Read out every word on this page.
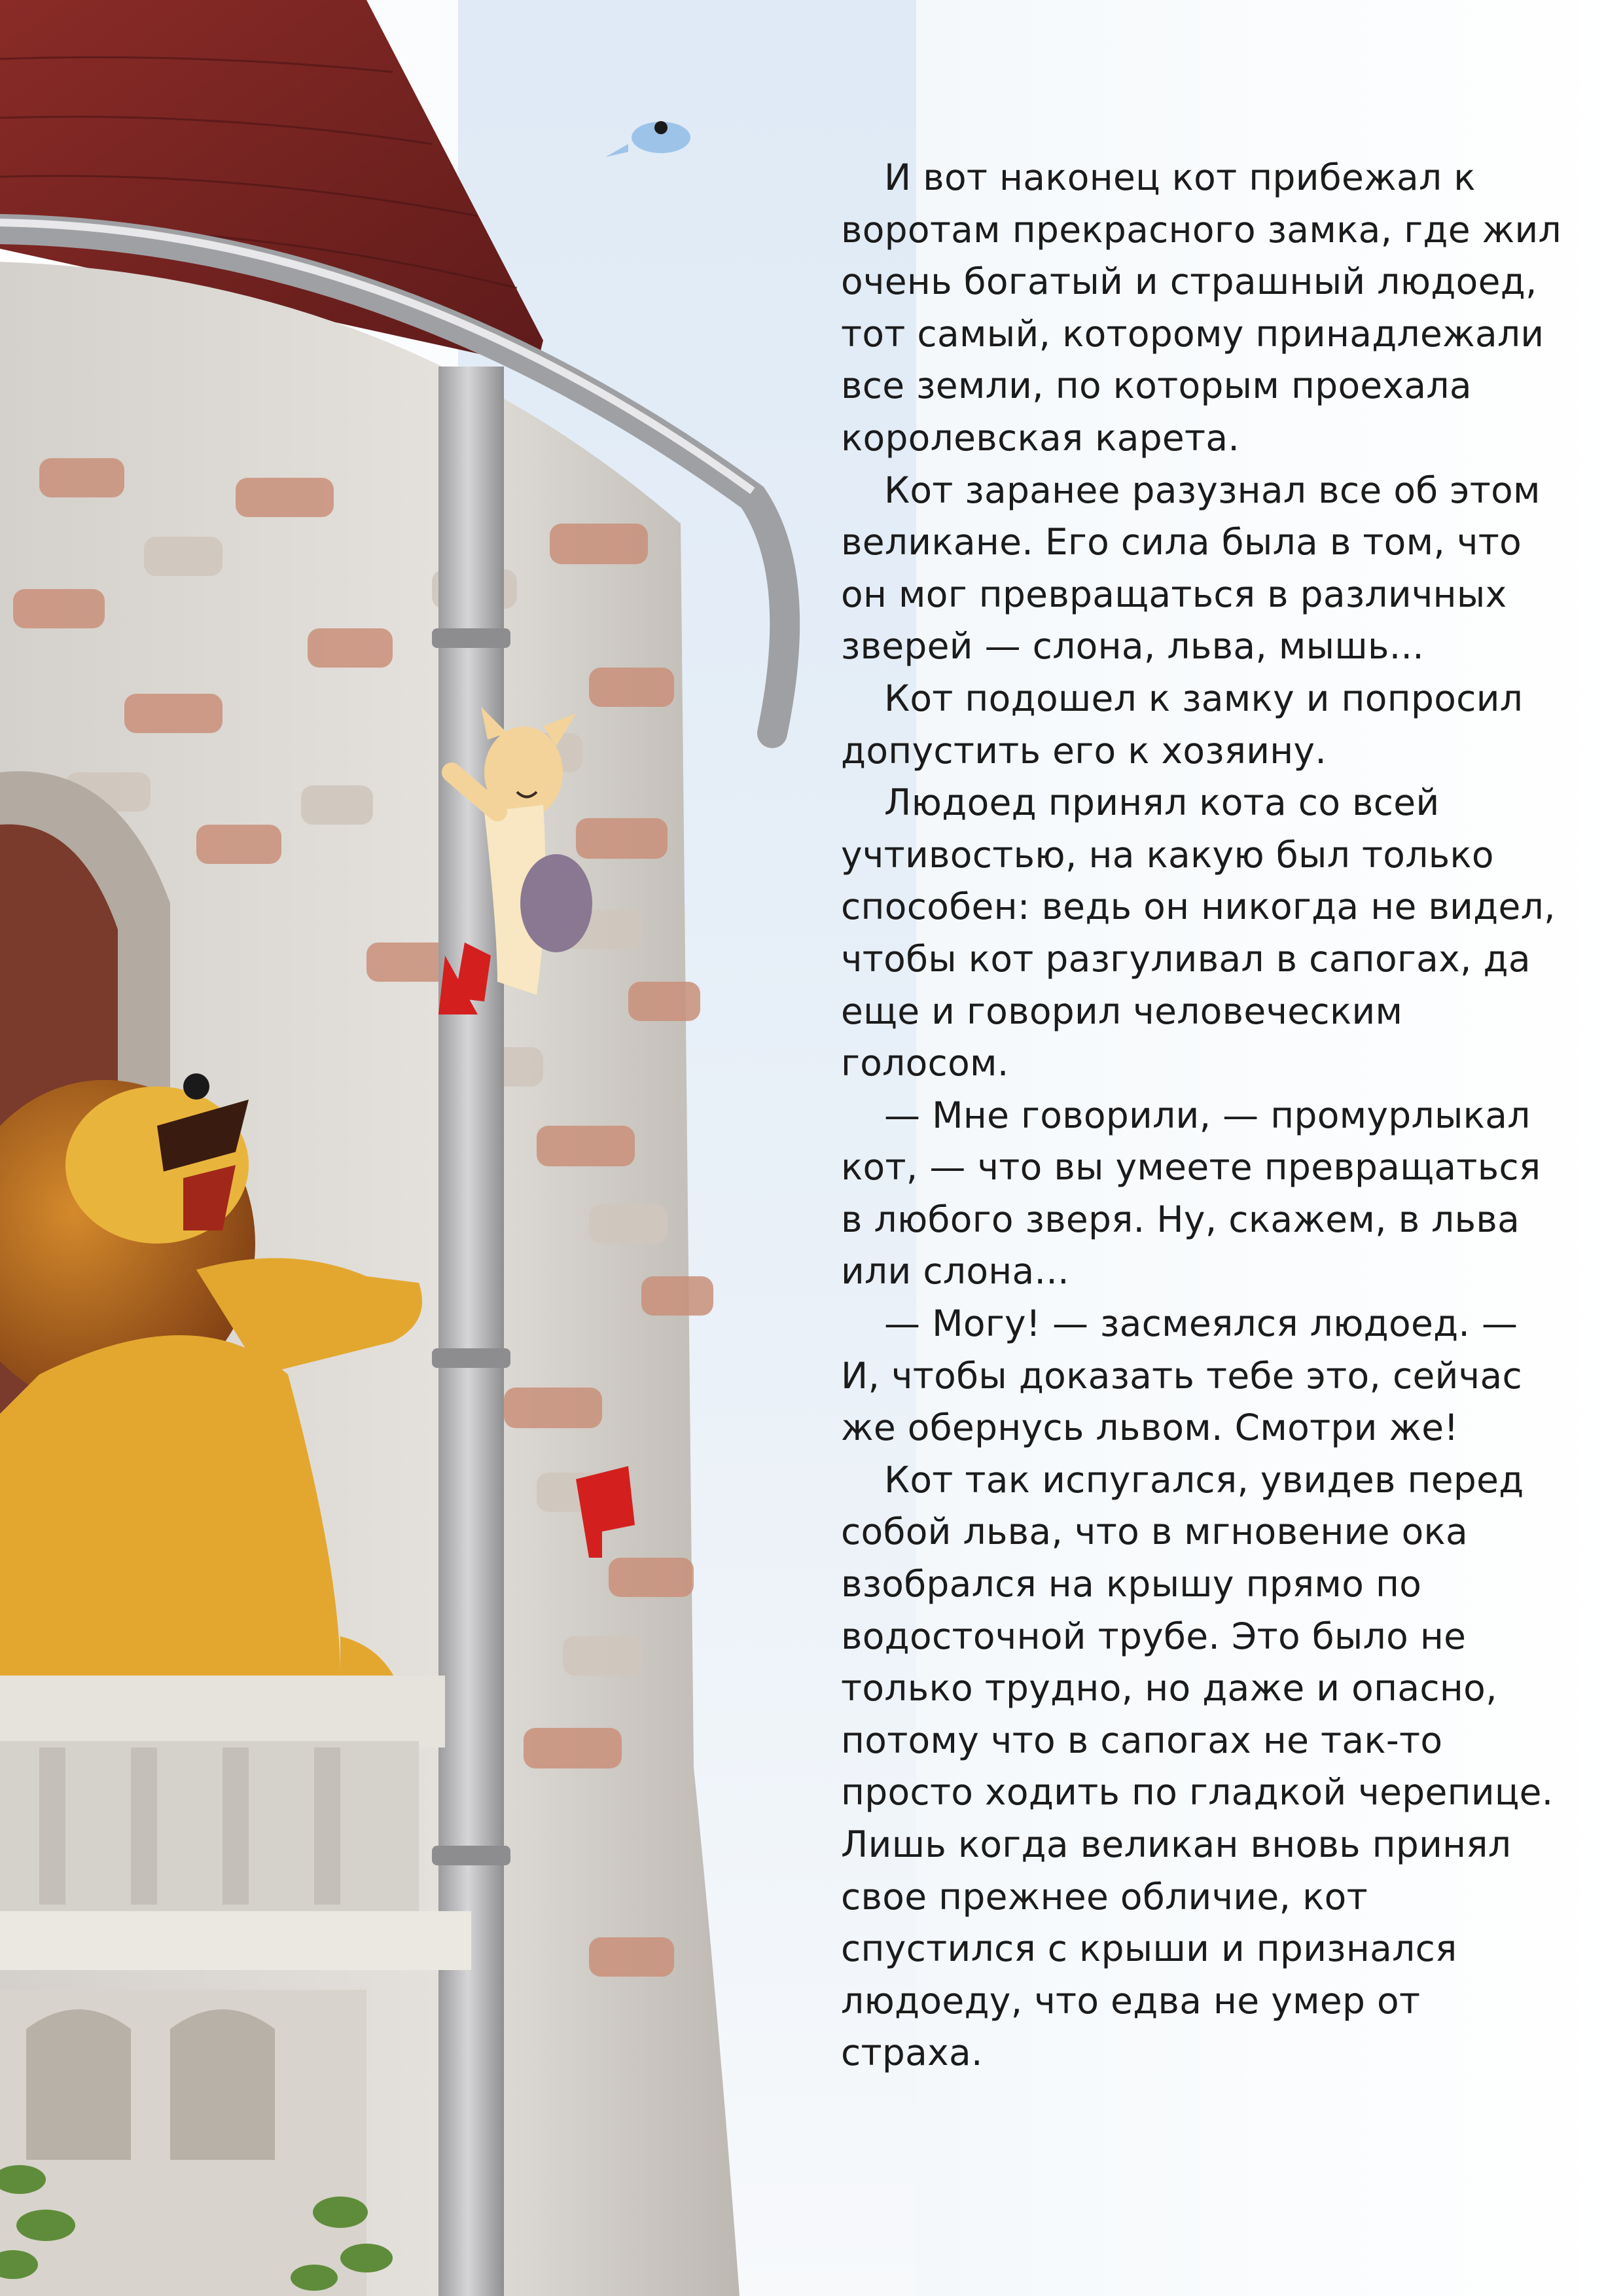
И вот наконец кот прибежал к воротам прекрасного замка, где жил очень богатый и страшный людоед, тот самый, которому принадлежали все земли, по которым проехала королевская карета.

Кот заранее разузнал все об этом великане. Его сила была в том, что он мог превращаться в различных зверей — слона, льва, мышь...

Кот подошел к замку и попросил допустить его к хозяину.

Людоед принял кота со всей учтивостью, на какую был только способен: ведь он никогда не видел, чтобы кот разгуливал в сапогах, да еще и говорил человеческим голосом.

— Мне говорили, — промурлыкал кот, — что вы умеете превращаться в любого зверя. Ну, скажем, в льва или слона...

— Могу! — засмеялся людоед. — И, чтобы доказать тебе это, сейчас же обернусь львом. Смотри же!

Кот так испугался, увидев перед собой льва, что в мгновение ока взобрался на крышу прямо по водосточной трубе. Это было не только трудно, но даже и опасно, потому что в сапогах не так-то просто ходить по гладкой черепице. Лишь когда великан вновь принял свое прежнее обличие, кот спустился с крыши и признался людоеду, что едва не умер от страха.
